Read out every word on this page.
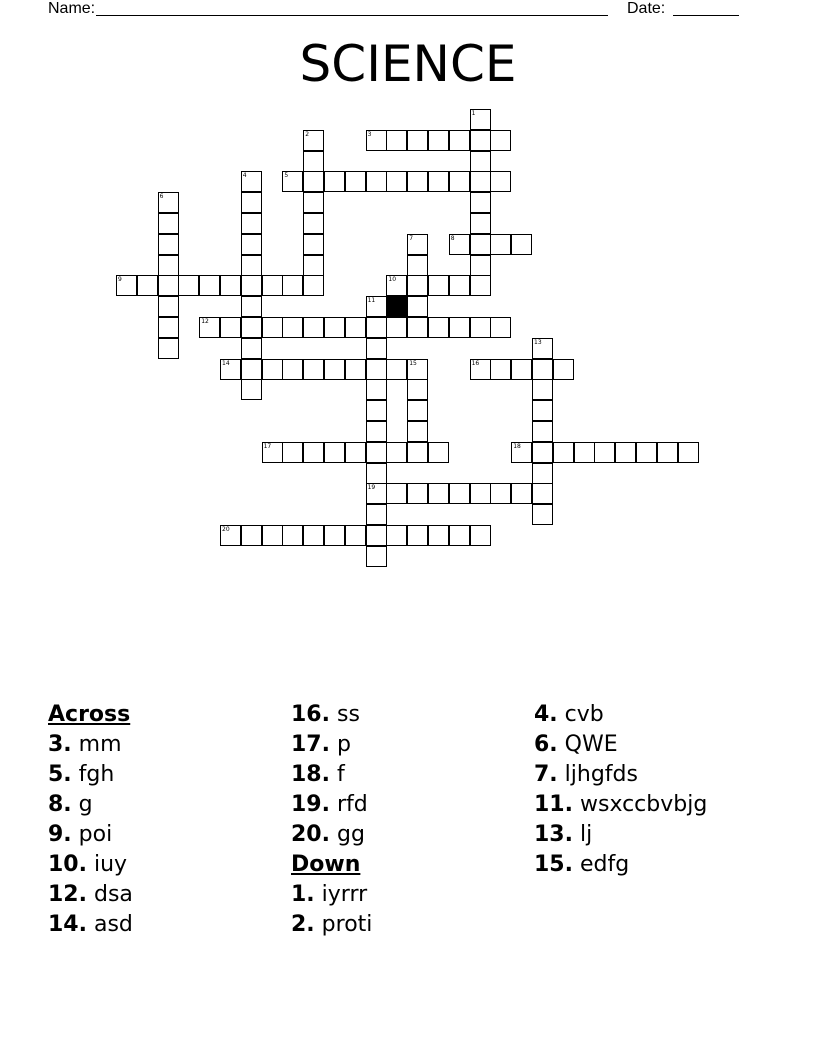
Name:	Date:
SCIENCE
3
5
8
9	10
12
14	15	16
17	18
19
20
1
2
4
6
7
11
13
Across
3. mm
5. fgh
8. g
9. poi
10. iuy
12. dsa
14. asd
16. ss
17. p
18. f
19. rfd
20. gg
Down
1. iyrrr
2. proti
4. cvb
6. QWE
7. ljhgfds
11. wsxccbvbjg
13. lj
15. edfg
